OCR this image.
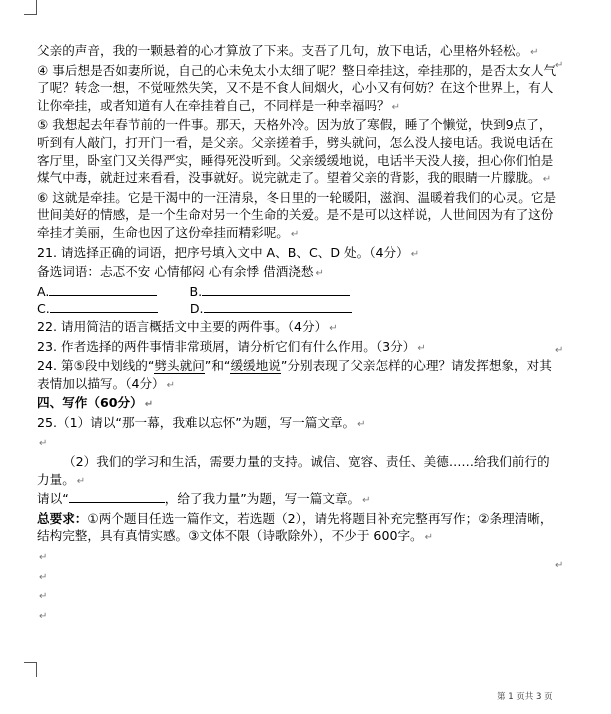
父亲的声音，我的一颗悬着的心才算放了下来。支吾了几句，放下电话，心里格外轻松。 ↵

④ 事后想是否如妻所说，自己的心未免太小太细了呢？整日牵挂这，牵挂那的，是否太女人气了呢？转念一想，不觉哑然失笑，又不是不食人间烟火，心小又有何妨？在这个世界上，有人让你牵挂，或者知道有人在牵挂着自己，不同样是一种幸福吗？ ↵

⑤ 我想起去年春节前的一件事。那天，天格外冷。因为放了寒假，睡了个懒觉，快到9点了，听到有人敲门，打开门一看，是父亲。父亲搓着手，劈头就问，怎么没人接电话。我说电话在客厅里，卧室门又关得严实，睡得死没听到。父亲缓缓地说，电话半天没人接，担心你们怕是煤气中毒，就赶过来看看，没事就好。说完就走了。望着父亲的背影，我的眼睛一片朦胧。 ↵

⑥ 这就是牵挂。它是干渴中的一汪清泉，冬日里的一轮暖阳，滋润、温暖着我们的心灵。它是世间美好的情感，是一个生命对另一个生命的关爱。是不是可以这样说，人世间因为有了这份牵挂才美丽，生命也因了这份牵挂而精彩呢。 ↵

21. 请选择正确的词语，把序号填入文中 A、B、C、D 处。（4分） ↵

备选词语：忐忑不安 心情郁闷 心有余悸 借酒浇愁 ↵

A.	B.

C.	D.

22. 请用简洁的语言概括文中主要的两件事。（4分） ↵

23. 作者选择的两件事情非常琐屑，请分析它们有什么作用。（3分） ↵

24. 第⑤段中划线的“劈头就问”和“缓缓地说”分别表现了父亲怎样的心理？请发挥想象，对其表情加以描写。（4分） ↵

四、写作（60分） ↵

25.（1）请以“那一幕，我难以忘怀”为题，写一篇文章。 ↵

↵

（2）我们的学习和生活，需要力量的支持。诚信、宽容、责任、美德……给我们前行的力量。 ↵

请以“	，给了我力量”为题，写一篇文章。 ↵

总要求：①两个题目任选一篇作文，若选题（2），请先将题目补充完整再写作；②条理清晰，结构完整，具有真情实感。③文体不限（诗歌除外），不少于 600字。 ↵

↵

↵

↵

↵

↵
↵
↵
第 1 页共 3 页
